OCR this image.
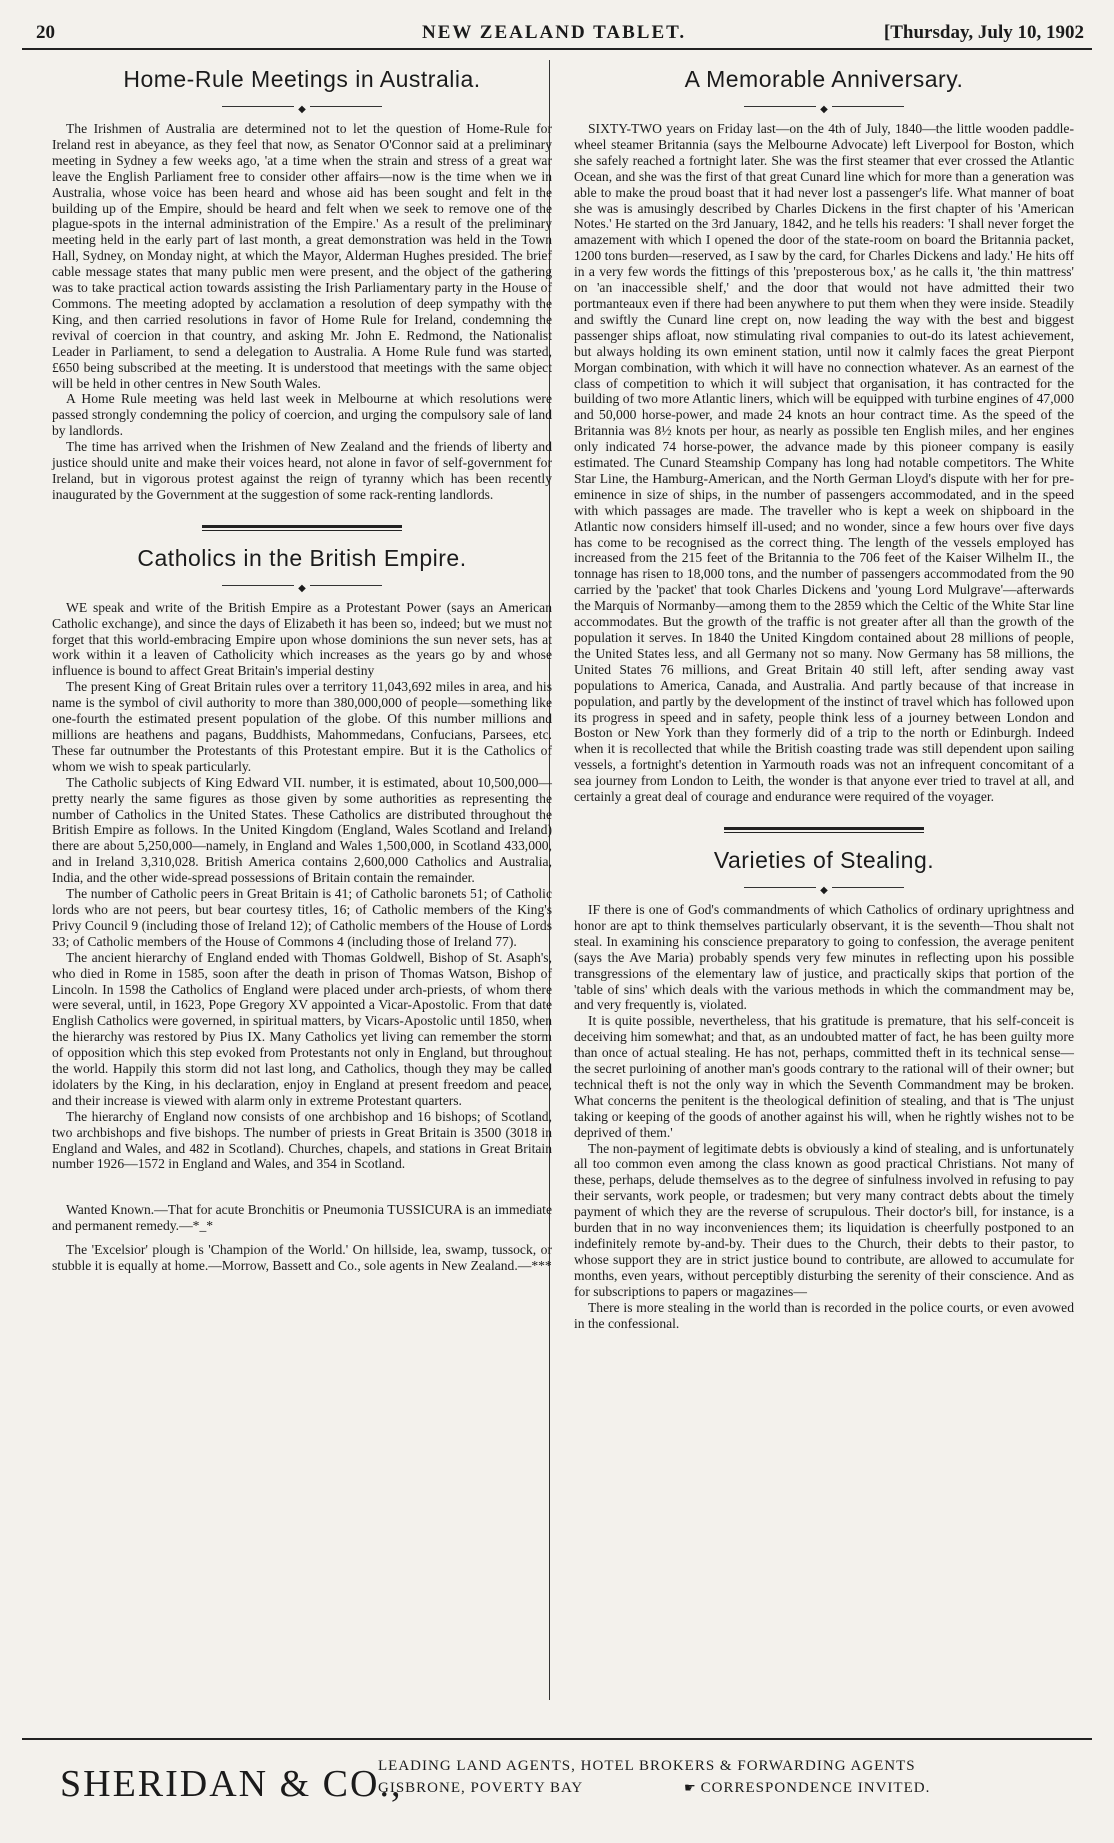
20	NEW ZEALAND TABLET.	[Thursday, July 10, 1902
Home-Rule Meetings in Australia.
◆

The Irishmen of Australia are determined not to let the question of Home-Rule for Ireland rest in abeyance, as they feel that now, as Senator O'Connor said at a preliminary meeting in Sydney a few weeks ago, 'at a time when the strain and stress of a great war leave the English Parliament free to consider other affairs—now is the time when we in Australia, whose voice has been heard and whose aid has been sought and felt in the building up of the Empire, should be heard and felt when we seek to remove one of the plague-spots in the internal administration of the Empire.' As a result of the preliminary meeting held in the early part of last month, a great demonstration was held in the Town Hall, Sydney, on Monday night, at which the Mayor, Alderman Hughes presided. The brief cable message states that many public men were present, and the object of the gathering was to take practical action towards assisting the Irish Parliamentary party in the House of Commons. The meeting adopted by acclamation a resolution of deep sympathy with the King, and then carried resolutions in favor of Home Rule for Ireland, condemning the revival of coercion in that country, and asking Mr. John E. Redmond, the Nationalist Leader in Parliament, to send a delegation to Australia. A Home Rule fund was started, £650 being subscribed at the meeting. It is understood that meetings with the same object will be held in other centres in New South Wales.

A Home Rule meeting was held last week in Melbourne at which resolutions were passed strongly condemning the policy of coercion, and urging the compulsory sale of land by landlords.

The time has arrived when the Irishmen of New Zealand and the friends of liberty and justice should unite and make their voices heard, not alone in favor of self-government for Ireland, but in vigorous protest against the reign of tyranny which has been recently inaugurated by the Government at the suggestion of some rack-renting landlords.

Catholics in the British Empire.
◆

WE speak and write of the British Empire as a Protestant Power (says an American Catholic exchange), and since the days of Elizabeth it has been so, indeed; but we must not forget that this world-embracing Empire upon whose dominions the sun never sets, has at work within it a leaven of Catholicity which increases as the years go by and whose influence is bound to affect Great Britain's imperial destiny

The present King of Great Britain rules over a territory 11,043,692 miles in area, and his name is the symbol of civil authority to more than 380,000,000 of people—something like one-fourth the estimated present population of the globe. Of this number millions and millions are heathens and pagans, Buddhists, Mahommedans, Confucians, Parsees, etc. These far outnumber the Protestants of this Protestant empire. But it is the Catholics of whom we wish to speak particularly.

The Catholic subjects of King Edward VII. number, it is estimated, about 10,500,000—pretty nearly the same figures as those given by some authorities as representing the number of Catholics in the United States. These Catholics are distributed throughout the British Empire as follows. In the United Kingdom (England, Wales Scotland and Ireland) there are about 5,250,000—namely, in England and Wales 1,500,000, in Scotland 433,000, and in Ireland 3,310,028. British America contains 2,600,000 Catholics and Australia, India, and the other wide-spread possessions of Britain contain the remainder.

The number of Catholic peers in Great Britain is 41; of Catholic baronets 51; of Catholic lords who are not peers, but bear courtesy titles, 16; of Catholic members of the King's Privy Council 9 (including those of Ireland 12); of Catholic members of the House of Lords 33; of Catholic members of the House of Commons 4 (including those of Ireland 77).

The ancient hierarchy of England ended with Thomas Goldwell, Bishop of St. Asaph's, who died in Rome in 1585, soon after the death in prison of Thomas Watson, Bishop of Lincoln. In 1598 the Catholics of England were placed under arch-priests, of whom there were several, until, in 1623, Pope Gregory XV appointed a Vicar-Apostolic. From that date English Catholics were governed, in spiritual matters, by Vicars-Apostolic until 1850, when the hierarchy was restored by Pius IX. Many Catholics yet living can remember the storm of opposition which this step evoked from Protestants not only in England, but throughout the world. Happily this storm did not last long, and Catholics, though they may be called idolaters by the King, in his declaration, enjoy in England at present freedom and peace, and their increase is viewed with alarm only in extreme Protestant quarters.

The hierarchy of England now consists of one archbishop and 16 bishops; of Scotland, two archbishops and five bishops. The number of priests in Great Britain is 3500 (3018 in England and Wales, and 482 in Scotland). Churches, chapels, and stations in Great Britain number 1926—1572 in England and Wales, and 354 in Scotland.

Wanted Known.—That for acute Bronchitis or Pneumonia TUSSICURA is an immediate and permanent remedy.—*_*

The 'Excelsior' plough is 'Champion of the World.' On hillside, lea, swamp, tussock, or stubble it is equally at home.—Morrow, Bassett and Co., sole agents in New Zealand.—***

A Memorable Anniversary.
◆

SIXTY-TWO years on Friday last—on the 4th of July, 1840—the little wooden paddle-wheel steamer Britannia (says the Melbourne Advocate) left Liverpool for Boston, which she safely reached a fortnight later. She was the first steamer that ever crossed the Atlantic Ocean, and she was the first of that great Cunard line which for more than a generation was able to make the proud boast that it had never lost a passenger's life. What manner of boat she was is amusingly described by Charles Dickens in the first chapter of his 'American Notes.' He started on the 3rd January, 1842, and he tells his readers: 'I shall never forget the amazement with which I opened the door of the state-room on board the Britannia packet, 1200 tons burden—reserved, as I saw by the card, for Charles Dickens and lady.' He hits off in a very few words the fittings of this 'preposterous box,' as he calls it, 'the thin mattress' on 'an inaccessible shelf,' and the door that would not have admitted their two portmanteaux even if there had been anywhere to put them when they were inside. Steadily and swiftly the Cunard line crept on, now leading the way with the best and biggest passenger ships afloat, now stimulating rival companies to out-do its latest achievement, but always holding its own eminent station, until now it calmly faces the great Pierpont Morgan combination, with which it will have no connection whatever. As an earnest of the class of competition to which it will subject that organisation, it has contracted for the building of two more Atlantic liners, which will be equipped with turbine engines of 47,000 and 50,000 horse-power, and made 24 knots an hour contract time. As the speed of the Britannia was 8½ knots per hour, as nearly as possible ten English miles, and her engines only indicated 74 horse-power, the advance made by this pioneer company is easily estimated. The Cunard Steamship Company has long had notable competitors. The White Star Line, the Hamburg-American, and the North German Lloyd's dispute with her for pre-eminence in size of ships, in the number of passengers accommodated, and in the speed with which passages are made. The traveller who is kept a week on shipboard in the Atlantic now considers himself ill-used; and no wonder, since a few hours over five days has come to be recognised as the correct thing. The length of the vessels employed has increased from the 215 feet of the Britannia to the 706 feet of the Kaiser Wilhelm II., the tonnage has risen to 18,000 tons, and the number of passengers accommodated from the 90 carried by the 'packet' that took Charles Dickens and 'young Lord Mulgrave'—afterwards the Marquis of Normanby—among them to the 2859 which the Celtic of the White Star line accommodates. But the growth of the traffic is not greater after all than the growth of the population it serves. In 1840 the United Kingdom contained about 28 millions of people, the United States less, and all Germany not so many. Now Germany has 58 millions, the United States 76 millions, and Great Britain 40 still left, after sending away vast populations to America, Canada, and Australia. And partly because of that increase in population, and partly by the development of the instinct of travel which has followed upon its progress in speed and in safety, people think less of a journey between London and Boston or New York than they formerly did of a trip to the north or Edinburgh. Indeed when it is recollected that while the British coasting trade was still dependent upon sailing vessels, a fortnight's detention in Yarmouth roads was not an infrequent concomitant of a sea journey from London to Leith, the wonder is that anyone ever tried to travel at all, and certainly a great deal of courage and endurance were required of the voyager.

Varieties of Stealing.
◆

IF there is one of God's commandments of which Catholics of ordinary uprightness and honor are apt to think themselves particularly observant, it is the seventh—Thou shalt not steal. In examining his conscience preparatory to going to confession, the average penitent (says the Ave Maria) probably spends very few minutes in reflecting upon his possible transgressions of the elementary law of justice, and practically skips that portion of the 'table of sins' which deals with the various methods in which the commandment may be, and very frequently is, violated.

It is quite possible, nevertheless, that his gratitude is premature, that his self-conceit is deceiving him somewhat; and that, as an undoubted matter of fact, he has been guilty more than once of actual stealing. He has not, perhaps, committed theft in its technical sense—the secret purloining of another man's goods contrary to the rational will of their owner; but technical theft is not the only way in which the Seventh Commandment may be broken. What concerns the penitent is the theological definition of stealing, and that is 'The unjust taking or keeping of the goods of another against his will, when he rightly wishes not to be deprived of them.'

The non-payment of legitimate debts is obviously a kind of stealing, and is unfortunately all too common even among the class known as good practical Christians. Not many of these, perhaps, delude themselves as to the degree of sinfulness involved in refusing to pay their servants, work people, or tradesmen; but very many contract debts about the timely payment of which they are the reverse of scrupulous. Their doctor's bill, for instance, is a burden that in no way inconveniences them; its liquidation is cheerfully postponed to an indefinitely remote by-and-by. Their dues to the Church, their debts to their pastor, to whose support they are in strict justice bound to contribute, are allowed to accumulate for months, even years, without perceptibly disturbing the serenity of their conscience. And as for subscriptions to papers or magazines—

There is more stealing in the world than is recorded in the police courts, or even avowed in the confessional.

SHERIDAN & CO.,
LEADING LAND AGENTS, HOTEL BROKERS & FORWARDING AGENTS
GISBRONE, POVERTY BAY	☛ CORRESPONDENCE INVITED.
